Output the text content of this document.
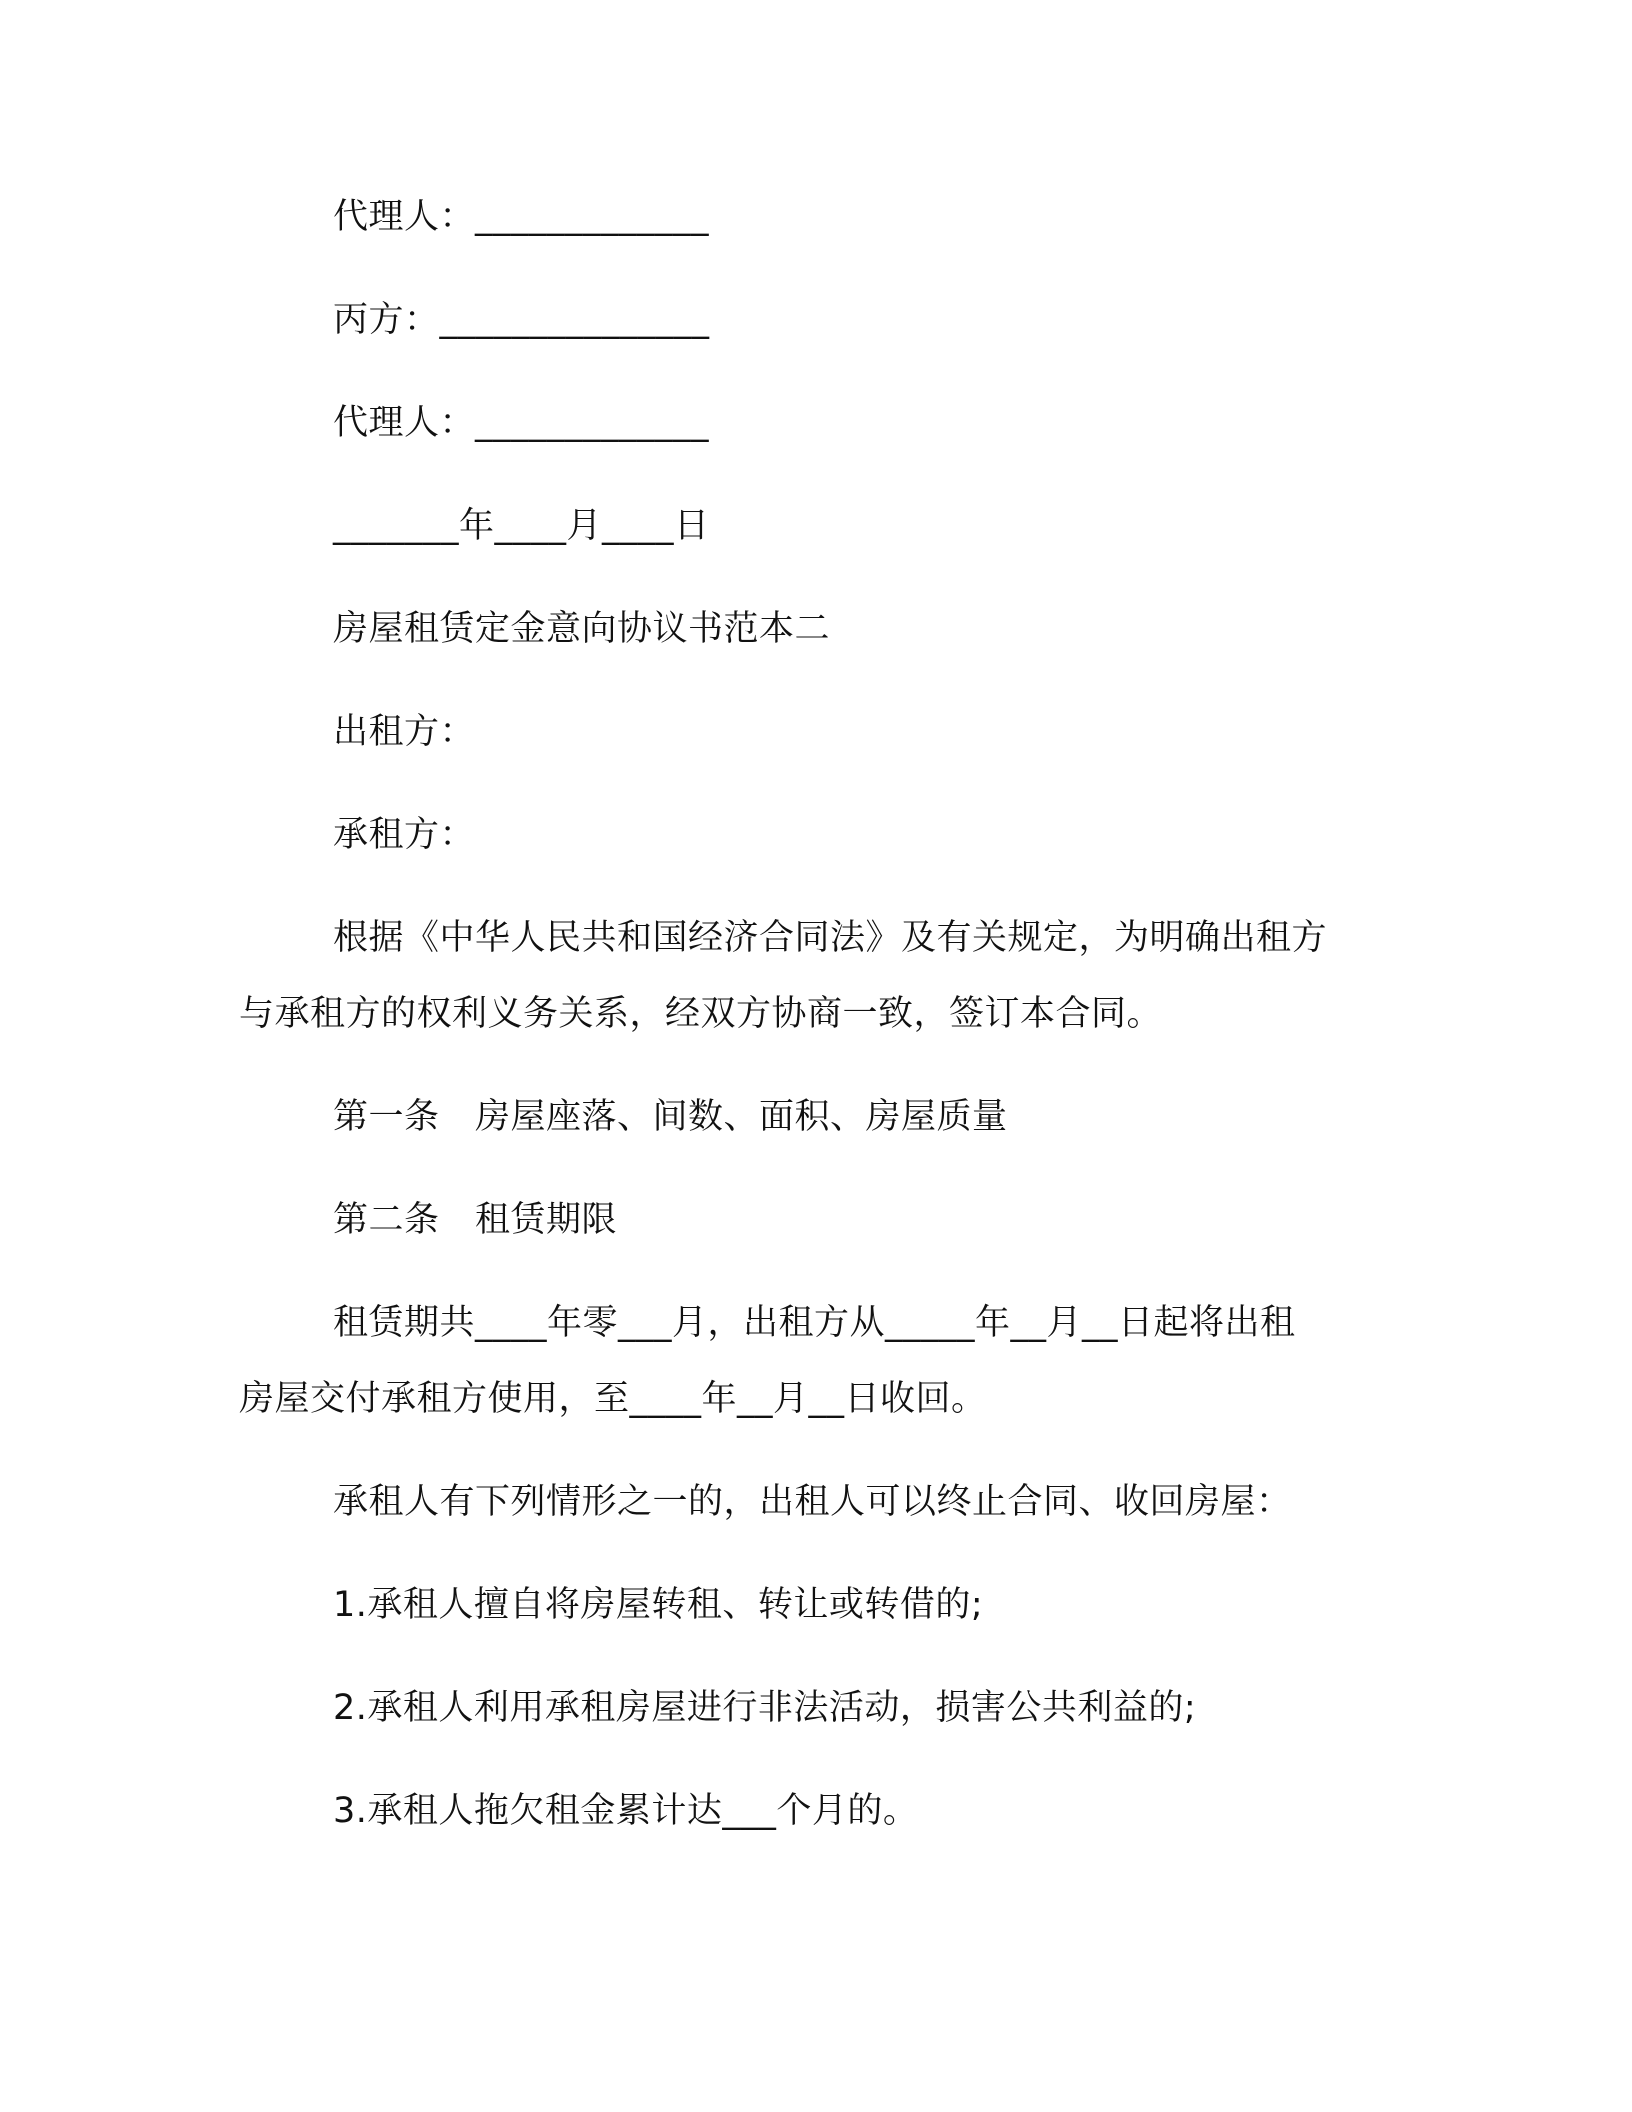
代理人：_____________
丙方：_______________
代理人：_____________
_______年____月____日
房屋租赁定金意向协议书范本二
出租方：
承租方：
根据《中华人民共和国经济合同法》及有关规定，为明确出租方
与承租方的权利义务关系，经双方协商一致，签订本合同。
第一条　房屋座落、间数、面积、房屋质量
第二条　租赁期限
租赁期共____年零___月，出租方从_____年__月__日起将出租
房屋交付承租方使用，至____年__月__日收回。
承租人有下列情形之一的，出租人可以终止合同、收回房屋：
1.承租人擅自将房屋转租、转让或转借的;
2.承租人利用承租房屋进行非法活动，损害公共利益的;
3.承租人拖欠租金累计达___个月的。
